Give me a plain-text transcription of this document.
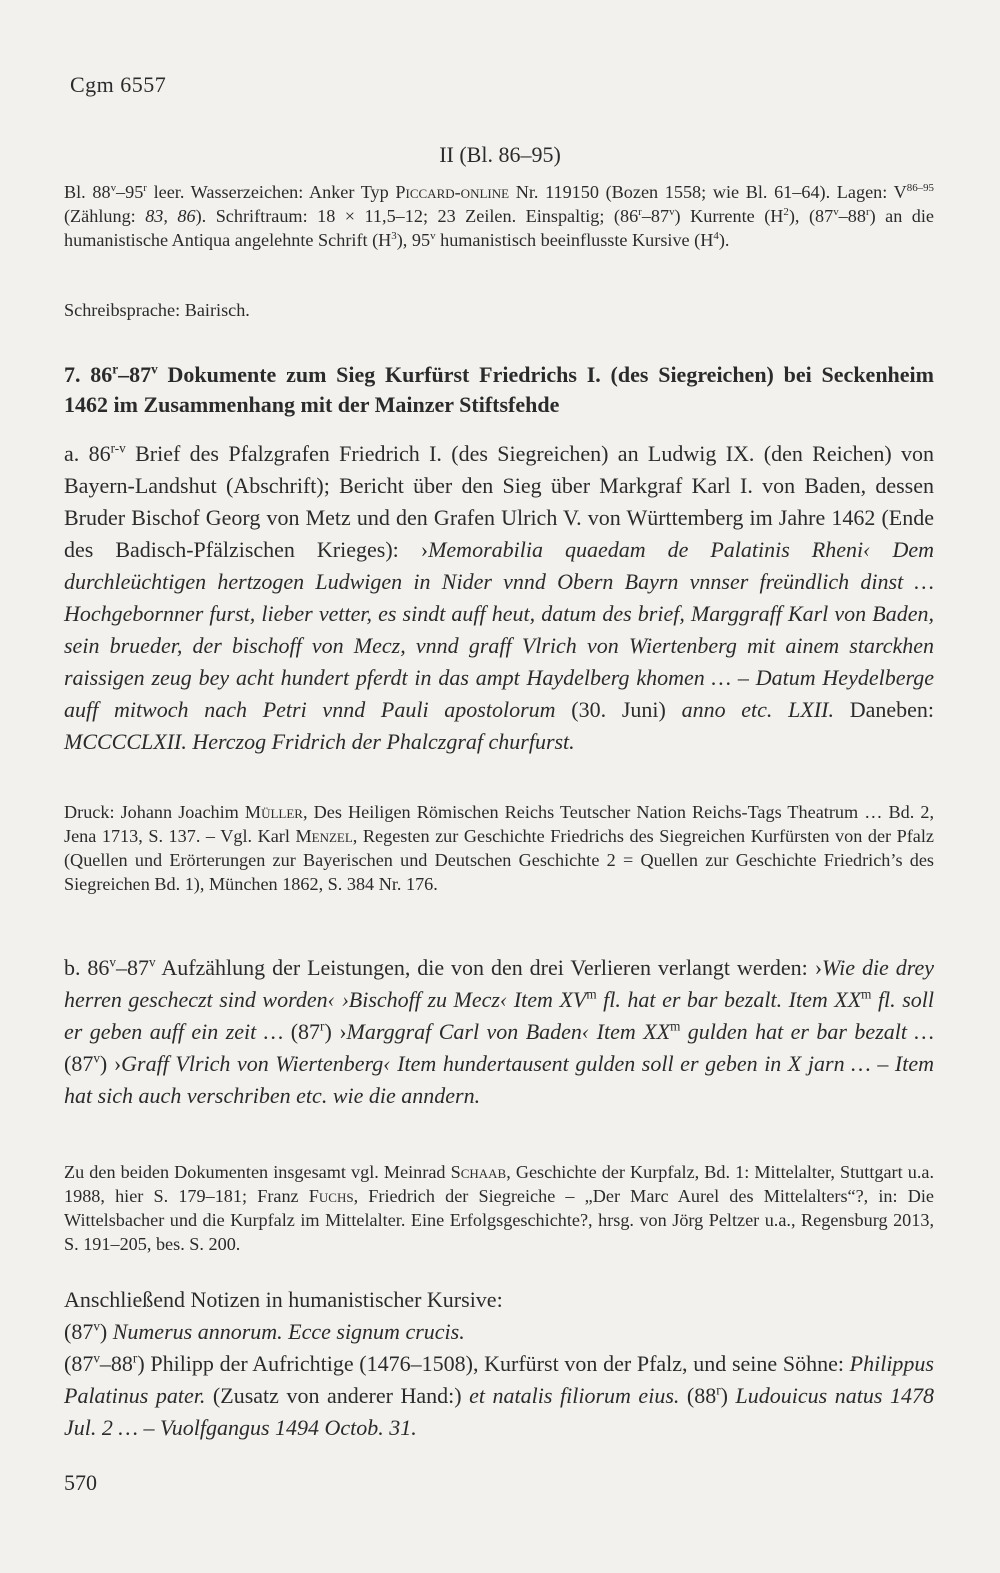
Cgm 6557
II (Bl. 86–95)
Bl. 88$^v$–95$^r$ leer. Wasserzeichen: Anker Typ Piccard-online Nr. 119150 (Bozen 1558; wie Bl. 61–64). Lagen: $V^{86-95}$ (Zählung: 83, 86). Schriftraum: 18 × 11,5–12; 23 Zeilen. Einspaltig; (86$^r$–87$^v$) Kurrente $(H^2)$, (87$^v$–88$^r$) an die humanistische Antiqua angelehnte Schrift $(H^3)$, 95$^v$ humanistisch beeinflusste Kursive $(H^4)$.
Schreibsprache: Bairisch.
7. 86$^r$–87$^v$ Dokumente zum Sieg Kurfürst Friedrichs I. (des Siegreichen) bei Seckenheim 1462 im Zusammenhang mit der Mainzer Stiftsfehde
a. 86$^{r-v}$ Brief des Pfalzgrafen Friedrich I. (des Siegreichen) an Ludwig IX. (den Reichen) von Bayern-Landshut (Abschrift); Bericht über den Sieg über Markgraf Karl I. von Baden, dessen Bruder Bischof Georg von Metz und den Grafen Ulrich V. von Württemberg im Jahre 1462 (Ende des Badisch-Pfälzischen Krieges): ›Memorabilia quaedam de Palatinis Rheni‹ Dem durchleüchtigen hertzogen Ludwigen in Nider vnnd Obern Bayrn vnnser freündlich dinst … Hochgebornner furst, lieber vetter, es sindt auff heut, datum des brief, Marggraff Karl von Baden, sein brueder, der bischoff von Mecz, vnnd graff Vlrich von Wiertenberg mit ainem starckhen raissigen zeug bey acht hundert pferdt in das ampt Haydelberg khomen … – Datum Heydelberge auff mitwoch nach Petri vnnd Pauli apostolorum (30. Juni) anno etc. LXII. Daneben: MCCCCLXII. Herczog Fridrich der Phalczgraf churfurst.
Druck: Johann Joachim Müller, Des Heiligen Römischen Reichs Teutscher Nation Reichs-Tags Theatrum … Bd. 2, Jena 1713, S. 137. – Vgl. Karl Menzel, Regesten zur Geschichte Friedrichs des Siegreichen Kurfürsten von der Pfalz (Quellen und Erörterungen zur Bayerischen und Deutschen Geschichte 2 = Quellen zur Geschichte Friedrich’s des Siegreichen Bd. 1), München 1862, S. 384 Nr. 176.
b. 86$^v$–87$^v$ Aufzählung der Leistungen, die von den drei Verlieren verlangt werden: ›Wie die drey herren gescheczt sind worden‹ ›Bischoff zu Mecz‹ Item $XV^m$ fl. hat er bar bezalt. Item $XX^m$ fl. soll er geben auff ein zeit … (87$^r$) ›Marggraf Carl von Baden‹ Item $XX^m$ gulden hat er bar bezalt … (87$^v$) ›Graff Vlrich von Wiertenberg‹ Item hundertausent gulden soll er geben in X jarn … – Item hat sich auch verschriben etc. wie die anndern.
Zu den beiden Dokumenten insgesamt vgl. Meinrad Schaab, Geschichte der Kurpfalz, Bd. 1: Mittelalter, Stuttgart u.a. 1988, hier S. 179–181; Franz Fuchs, Friedrich der Siegreiche – „Der Marc Aurel des Mittelalters“?, in: Die Wittelsbacher und die Kurpfalz im Mittelalter. Eine Erfolgsgeschichte?, hrsg. von Jörg Peltzer u.a., Regensburg 2013, S. 191–205, bes. S. 200.
Anschließend Notizen in humanistischer Kursive:
(87$^v$) Numerus annorum. Ecce signum crucis.
(87$^v$–88$^r$) Philipp der Aufrichtige (1476–1508), Kurfürst von der Pfalz, und seine Söhne: Philippus Palatinus pater. (Zusatz von anderer Hand:) et natalis filiorum eius. (88$^r$) Ludouicus natus 1478 Jul. 2 … – Vuolfgangus 1494 Octob. 31.
570
